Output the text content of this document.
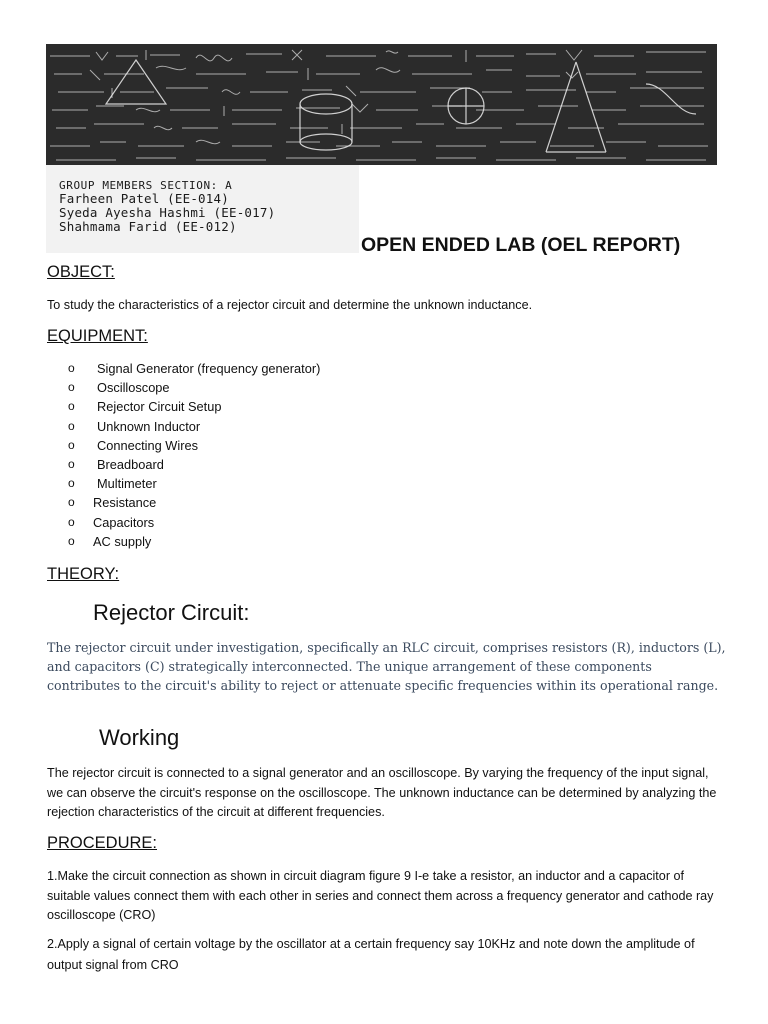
GROUP MEMBERS SECTION: A
Farheen Patel (EE-014)
Syeda Ayesha Hashmi (EE-017)
Shahmama Farid (EE-012)
OPEN ENDED LAB (OEL REPORT)
OBJECT:
To study the characteristics of a rejector circuit and determine the unknown inductance.
EQUIPMENT:
o Signal Generator (frequency generator)
o Oscilloscope
o Rejector Circuit Setup
o Unknown Inductor
o Connecting Wires
o Breadboard
o Multimeter
o Resistance
o Capacitors
o AC supply
THEORY:
Rejector Circuit:
The rejector circuit under investigation, specifically an RLC circuit, comprises resistors (R), inductors (L), and capacitors (C) strategically interconnected. The unique arrangement of these components contributes to the circuit's ability to reject or attenuate specific frequencies within its operational range.
Working
The rejector circuit is connected to a signal generator and an oscilloscope. By varying the frequency of the input signal, we can observe the circuit's response on the oscilloscope. The unknown inductance can be determined by analyzing the rejection characteristics of the circuit at different frequencies.
PROCEDURE:
1.Make the circuit connection as shown in circuit diagram figure 9 I-e take a resistor, an inductor and a capacitor of suitable values connect them with each other in series and connect them across a frequency generator and cathode ray oscilloscope (CRO)
2.Apply a signal of certain voltage by the oscillator at a certain frequency say 10KHz and note down the amplitude of output signal from CRO
